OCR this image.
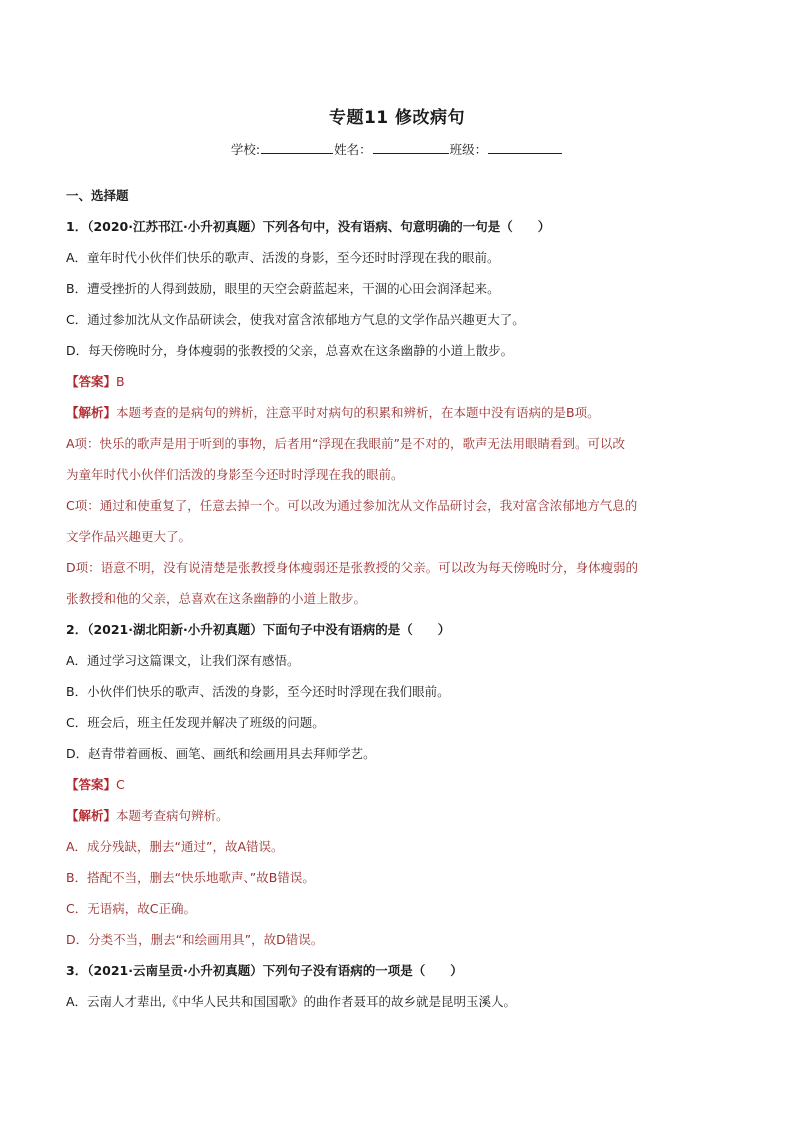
专题11 修改病句
学校:	姓名：	班级：
一、选择题
1．（2020·江苏邗江·小升初真题）下列各句中，没有语病、句意明确的一句是（　　）
A．童年时代小伙伴们快乐的歌声、活泼的身影，至今还时时浮现在我的眼前。
B．遭受挫折的人得到鼓励，眼里的天空会蔚蓝起来，干涸的心田会润泽起来。
C．通过参加沈从文作品研读会，使我对富含浓郁地方气息的文学作品兴趣更大了。
D．每天傍晚时分，身体瘦弱的张教授的父亲，总喜欢在这条幽静的小道上散步。
【答案】B
【解析】本题考查的是病句的辨析，注意平时对病句的积累和辨析，在本题中没有语病的是B项。
A项：快乐的歌声是用于听到的事物，后者用“浮现在我眼前”是不对的，歌声无法用眼睛看到。可以改
为童年时代小伙伴们活泼的身影至今还时时浮现在我的眼前。
C项：通过和使重复了，任意去掉一个。可以改为通过参加沈从文作品研讨会，我对富含浓郁地方气息的
文学作品兴趣更大了。
D项：语意不明，没有说清楚是张教授身体瘦弱还是张教授的父亲。可以改为每天傍晚时分，身体瘦弱的
张教授和他的父亲，总喜欢在这条幽静的小道上散步。
2．（2021·湖北阳新·小升初真题）下面句子中没有语病的是（　　）
A．通过学习这篇课文，让我们深有感悟。
B．小伙伴们快乐的歌声、活泼的身影，至今还时时浮现在我们眼前。
C．班会后，班主任发现并解决了班级的问题。
D．赵青带着画板、画笔、画纸和绘画用具去拜师学艺。
【答案】C
【解析】本题考查病句辨析。
A．成分残缺，删去“通过”，故A错误。
B．搭配不当，删去“快乐地歌声、”故B错误。
C．无语病，故C正确。
D．分类不当，删去“和绘画用具”，故D错误。
3．（2021·云南呈贡·小升初真题）下列句子没有语病的一项是（　　）
A．云南人才辈出,《中华人民共和国国歌》的曲作者聂耳的故乡就是昆明玉溪人。
